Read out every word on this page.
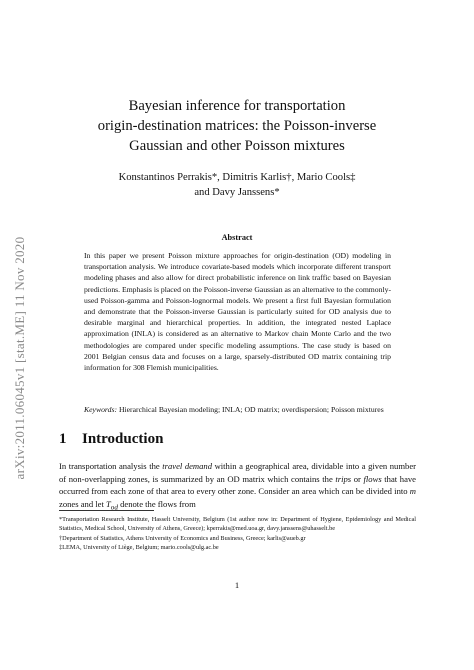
arXiv:2011.06045v1 [stat.ME] 11 Nov 2020
Bayesian inference for transportation
origin-destination matrices: the Poisson-inverse
Gaussian and other Poisson mixtures
Konstantinos Perrakis*, Dimitris Karlis†, Mario Cools‡
and Davy Janssens*
Abstract
In this paper we present Poisson mixture approaches for origin-destination (OD) modeling in transportation analysis. We introduce covariate-based models which incorporate different transport modeling phases and also allow for direct probabilistic inference on link traffic based on Bayesian predictions. Emphasis is placed on the Poisson-inverse Gaussian as an alternative to the commonly-used Poisson-gamma and Poisson-lognormal models. We present a first full Bayesian formulation and demonstrate that the Poisson-inverse Gaussian is particularly suited for OD analysis due to desirable marginal and hierarchical properties. In addition, the integrated nested Laplace approximation (INLA) is considered as an alternative to Markov chain Monte Carlo and the two methodologies are compared under specific modeling assumptions. The case study is based on 2001 Belgian census data and focuses on a large, sparsely-distributed OD matrix containing trip information for 308 Flemish municipalities.
Keywords: Hierarchical Bayesian modeling; INLA; OD matrix; overdispersion; Poisson mixtures
1 Introduction
In transportation analysis the travel demand within a geographical area, dividable into a given number of non-overlapping zones, is summarized by an OD matrix which contains the trips or flows that have occurred from each zone of that area to every other zone. Consider an area which can be divided into m zones and let $T_{od}$ denote the flows from
*Transportation Research Institute, Hasselt University, Belgium (1st author now in: Department of Hygiene, Epidemiology and Medical Statistics, Medical School, University of Athens, Greece); kperrakis@med.uoa.gr, davy.janssens@uhasselt.be
†Department of Statistics, Athens University of Economics and Business, Greece; karlis@aueb.gr
‡LEMA, University of Liège, Belgium; mario.cools@ulg.ac.be
1
